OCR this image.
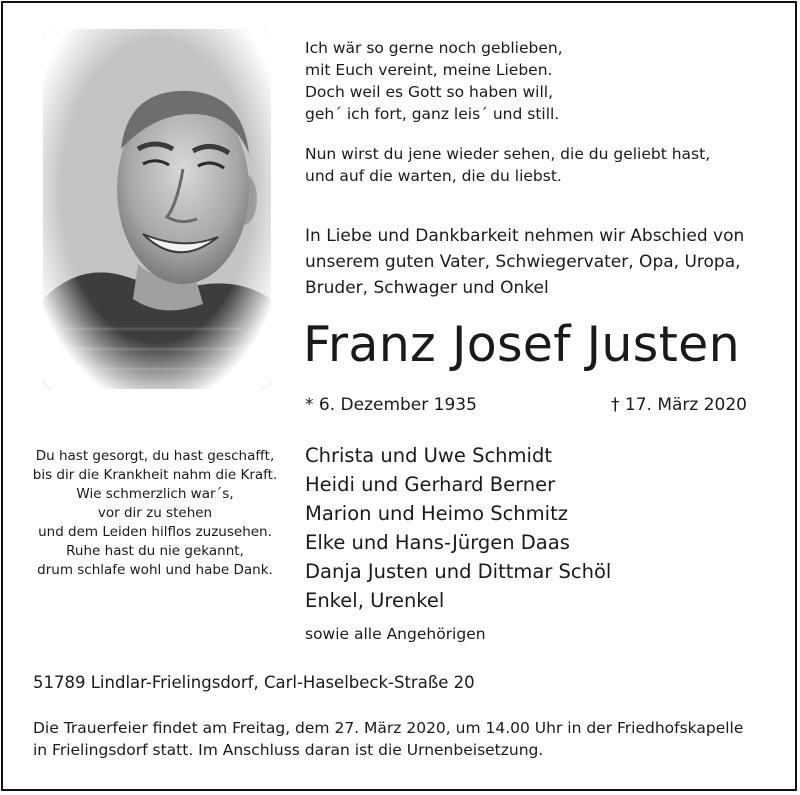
Ich wär so gerne noch geblieben,
mit Euch vereint, meine Lieben.
Doch weil es Gott so haben will,
geh´ ich fort, ganz leis´ und still.
Nun wirst du jene wieder sehen, die du geliebt hast,
und auf die warten, die du liebst.
In Liebe und Dankbarkeit nehmen wir Abschied von
unserem guten Vater, Schwiegervater, Opa, Uropa,
Bruder, Schwager und Onkel
Franz Josef Justen
* 6. Dezember 1935	† 17. März 2020
Du hast gesorgt, du hast geschafft,
bis dir die Krankheit nahm die Kraft.
Wie schmerzlich war´s,
vor dir zu stehen
und dem Leiden hilflos zuzusehen.
Ruhe hast du nie gekannt,
drum schlafe wohl und habe Dank.
Christa und Uwe Schmidt
Heidi und Gerhard Berner
Marion und Heimo Schmitz
Elke und Hans-Jürgen Daas
Danja Justen und Dittmar Schöl
Enkel, Urenkel
sowie alle Angehörigen
51789 Lindlar-Frielingsdorf, Carl-Haselbeck-Straße 20
Die Trauerfeier findet am Freitag, dem 27. März 2020, um 14.00 Uhr in der Friedhofskapelle
in Frielingsdorf statt. Im Anschluss daran ist die Urnenbeisetzung.
